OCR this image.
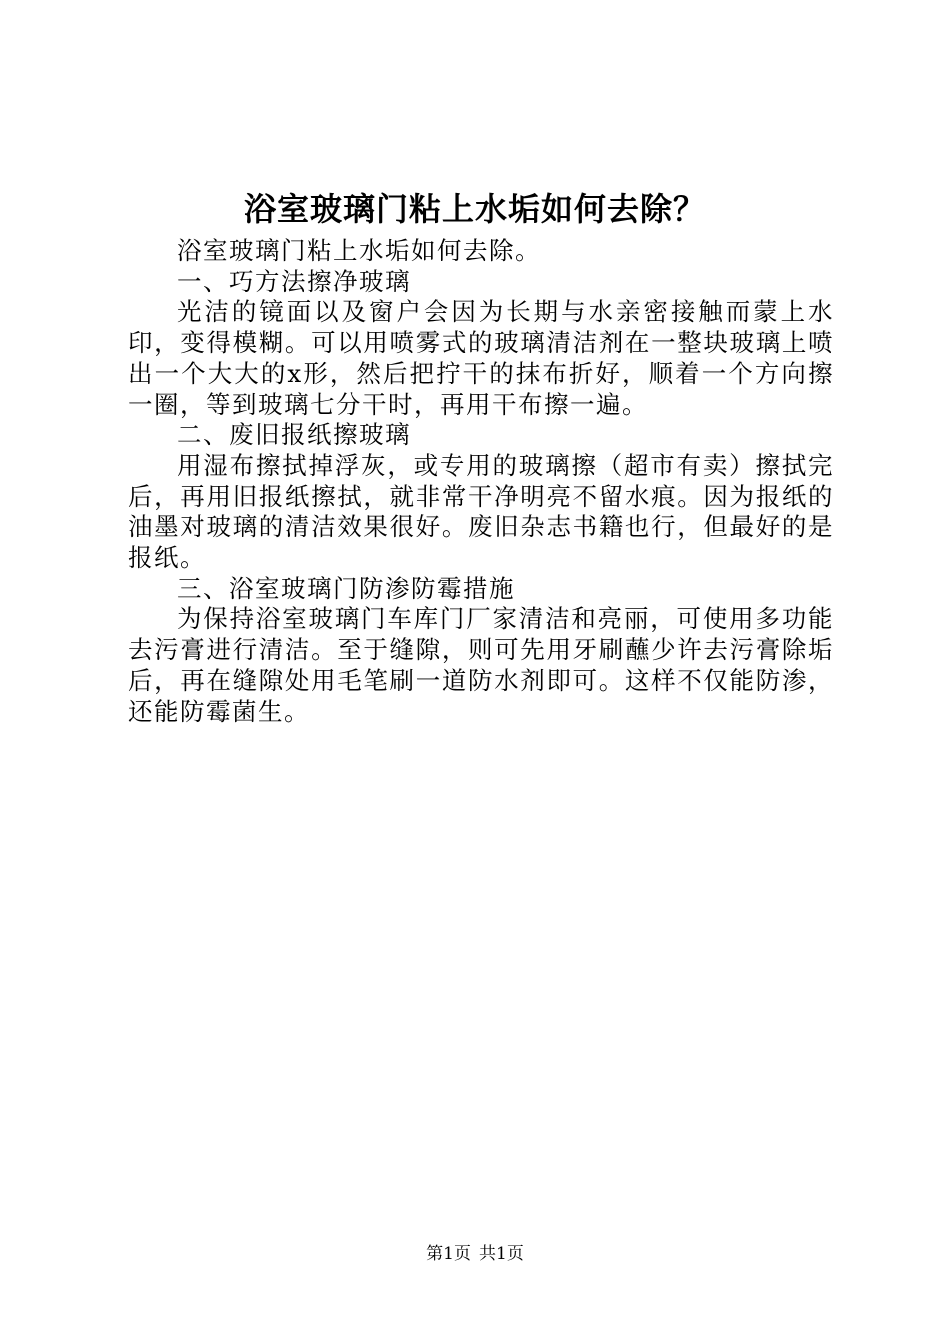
浴室玻璃门粘上水垢如何去除？

浴室玻璃门粘上水垢如何去除。

一、巧方法擦净玻璃

光洁的镜面以及窗户会因为长期与水亲密接触而蒙上水印，变得模糊。可以用喷雾式的玻璃清洁剂在一整块玻璃上喷出一个大大的x形，然后把拧干的抹布折好，顺着一个方向擦一圈，等到玻璃七分干时，再用干布擦一遍。

二、废旧报纸擦玻璃

用湿布擦拭掉浮灰，或专用的玻璃擦（超市有卖）擦拭完后，再用旧报纸擦拭，就非常干净明亮不留水痕。因为报纸的油墨对玻璃的清洁效果很好。废旧杂志书籍也行，但最好的是报纸。

三、浴室玻璃门防渗防霉措施

为保持浴室玻璃门车库门厂家清洁和亮丽，可使用多功能去污膏进行清洁。至于缝隙，则可先用牙刷蘸少许去污膏除垢后，再在缝隙处用毛笔刷一道防水剂即可。这样不仅能防渗，还能防霉菌生。

第1页 共1页
